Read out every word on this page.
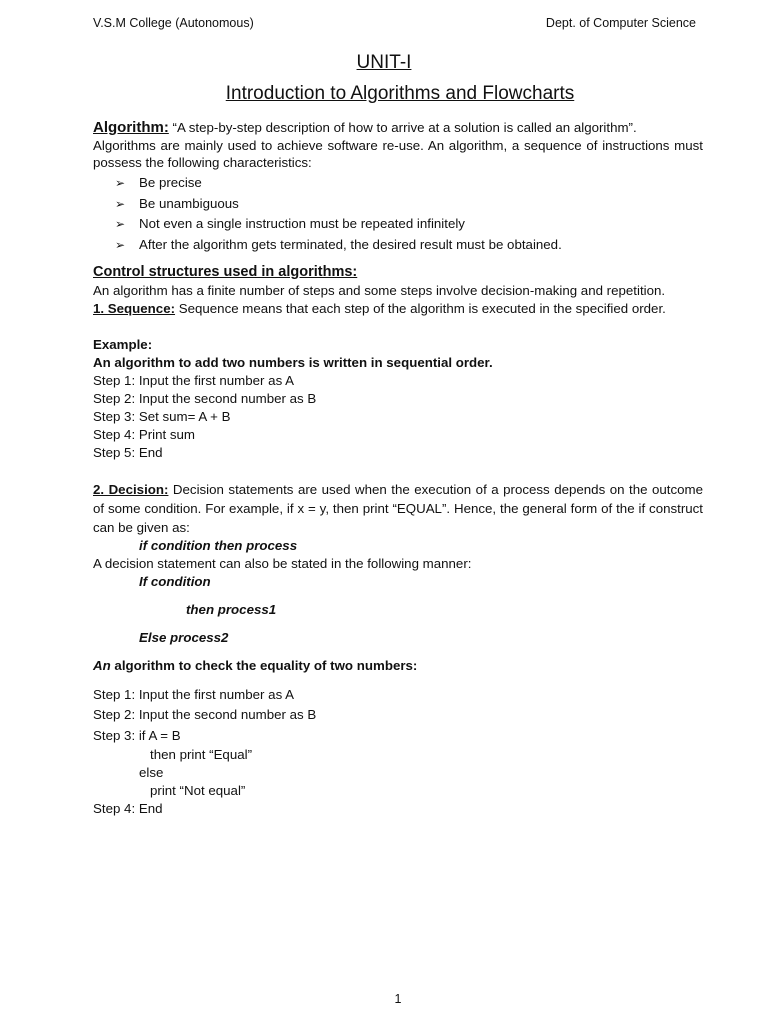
V.S.M College (Autonomous)	Dept. of Computer Science
UNIT-I
Introduction to Algorithms and Flowcharts
Algorithm: “A step-by-step description of how to arrive at a solution is called an algorithm”.
Algorithms are mainly used to achieve software re-use. An algorithm, a sequence of instructions must possess the following characteristics:
➢ Be precise
➢ Be unambiguous
➢ Not even a single instruction must be repeated infinitely
➢ After the algorithm gets terminated, the desired result must be obtained.
Control structures used in algorithms:
An algorithm has a finite number of steps and some steps involve decision-making and repetition.
1. Sequence: Sequence means that each step of the algorithm is executed in the specified order.
Example:
An algorithm to add two numbers is written in sequential order.
Step 1: Input the first number as A
Step 2: Input the second number as B
Step 3: Set sum= A + B
Step 4: Print sum
Step 5: End
2. Decision: Decision statements are used when the execution of a process depends on the outcome of some condition. For example, if x = y, then print “EQUAL”. Hence, the general form of the if construct can be given as:
if condition then process
A decision statement can also be stated in the following manner:
If condition
then process1
Else process2
An algorithm to check the equality of two numbers:
Step 1: Input the first number as A
Step 2: Input the second number as B
Step 3: if A = B
then print “Equal”
else
print “Not equal”
Step 4: End
1
